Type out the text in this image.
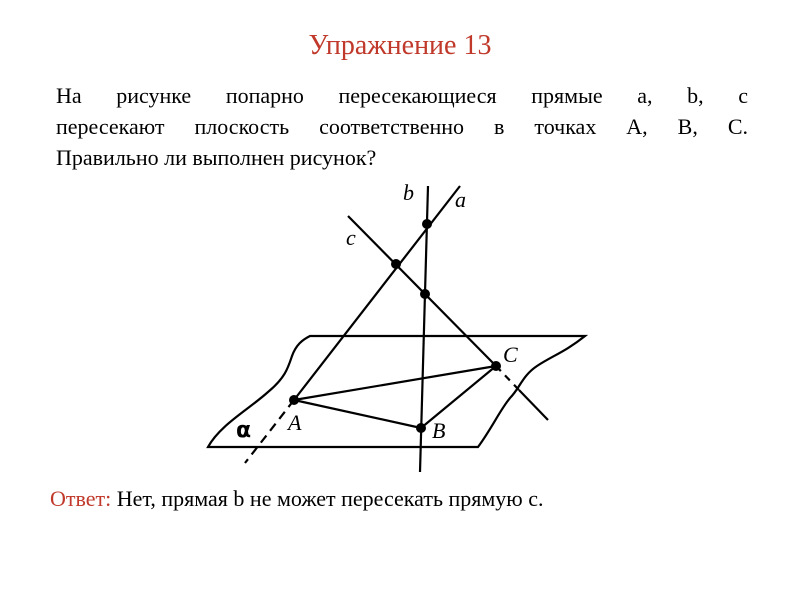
Упражнение 13
На рисунке попарно пересекающиеся прямые a, b, c
пересекают плоскость соответственно в точках A, B, C.
Правильно ли выполнен рисунок?
b a
c
A	B
C
α
Ответ: Нет, прямая b не может пересекать прямую c.
